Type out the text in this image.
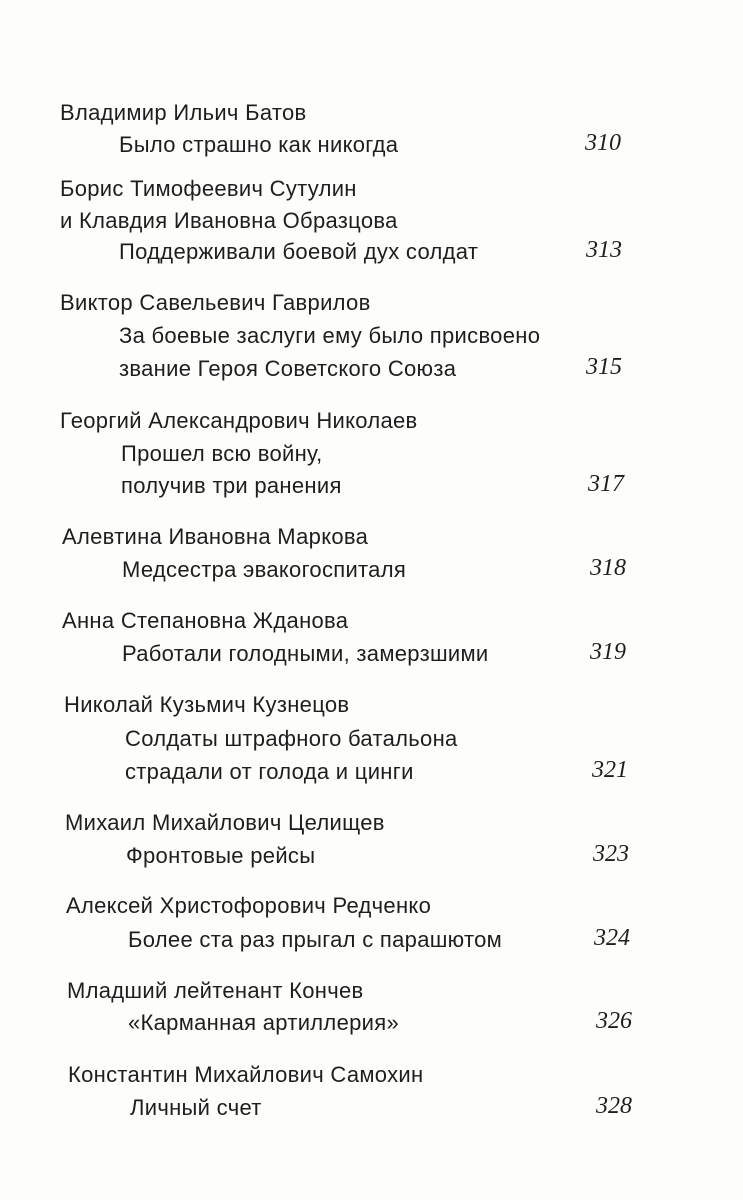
Владимир Ильич Батов
Было страшно как никогда	310
Борис Тимофеевич Сутулин
и Клавдия Ивановна Образцова
Поддерживали боевой дух солдат	313
Виктор Савельевич Гаврилов
За боевые заслуги ему было присвоено
звание Героя Советского Союза	315
Георгий Александрович Николаев
Прошел всю войну,
получив три ранения	317
Алевтина Ивановна Маркова
Медсестра эвакогоспиталя	318
Анна Степановна Жданова
Работали голодными, замерзшими	319
Николай Кузьмич Кузнецов
Солдаты штрафного батальона
страдали от голода и цинги	321
Михаил Михайлович Целищев
Фронтовые рейсы	323
Алексей Христофорович Редченко
Более ста раз прыгал с парашютом	324
Младший лейтенант Кончев
«Карманная артиллерия»	326
Константин Михайлович Самохин
Личный счет	328
